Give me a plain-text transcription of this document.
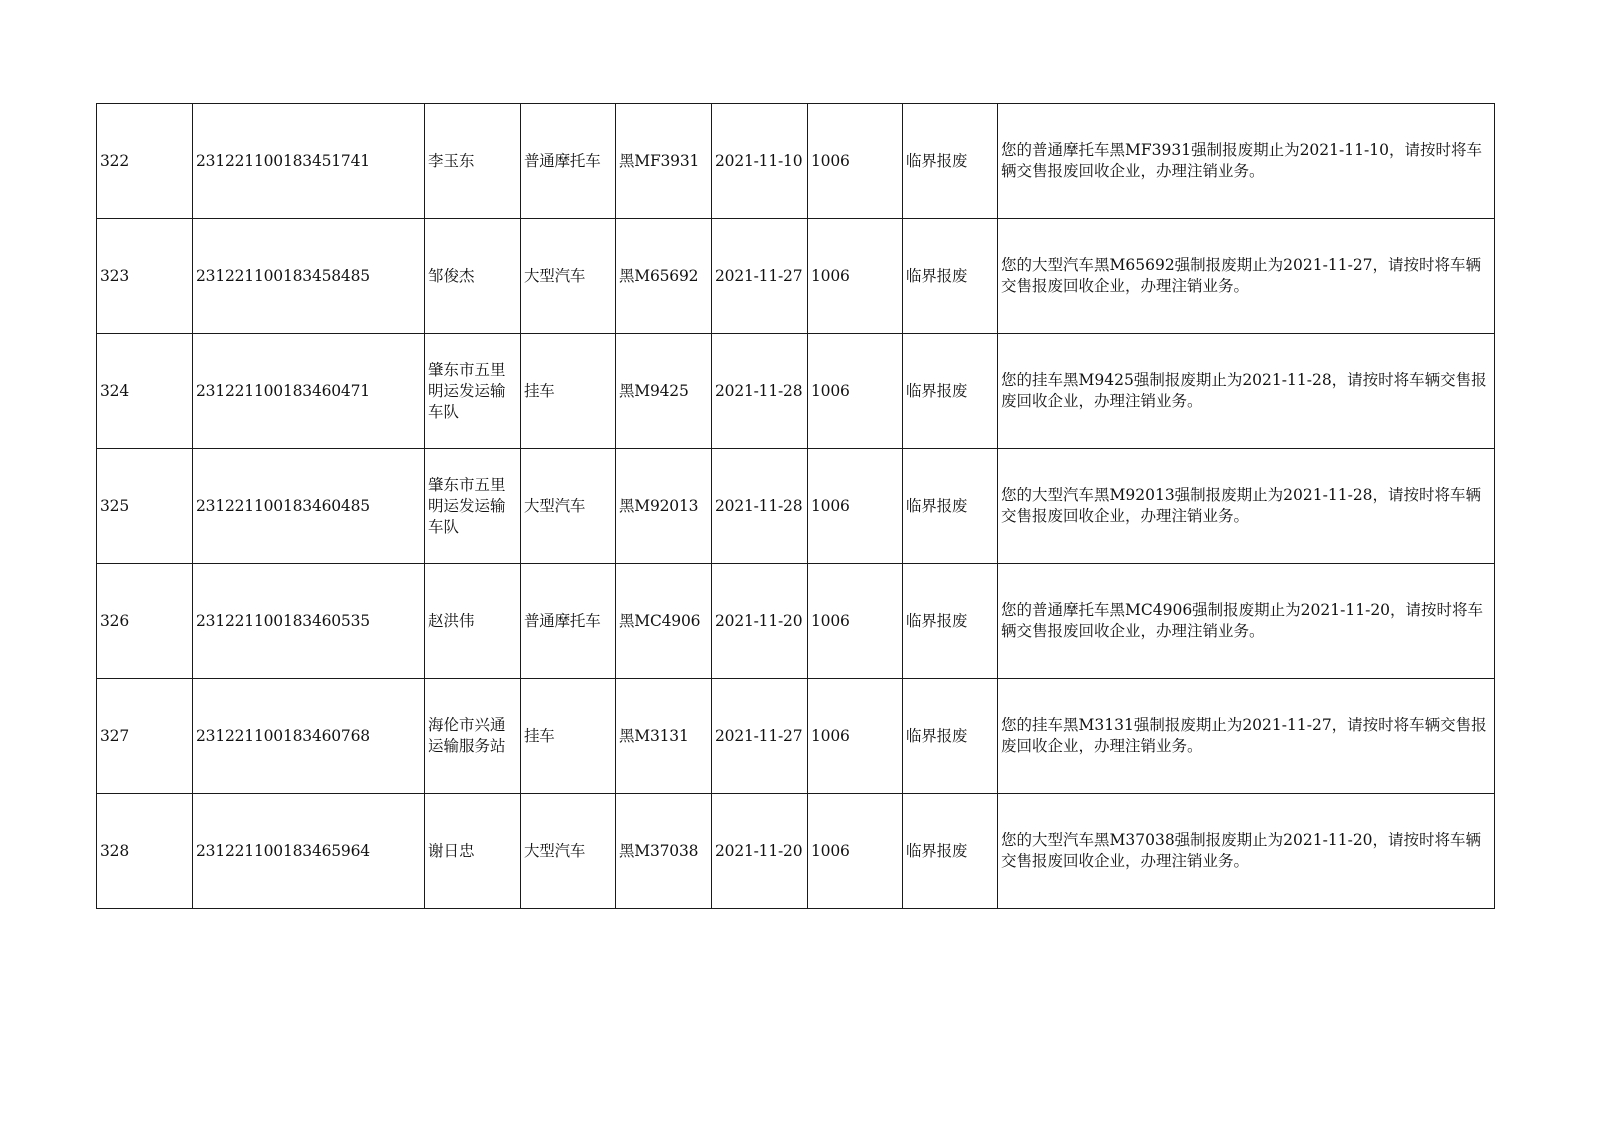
322	231221100183451741	李玉东	普通摩托车	黑MF3931	2021-11-10	1006	临界报废	您的普通摩托车黑MF3931强制报废期止为2021-11-10，请按时将车辆交售报废回收企业，办理注销业务。
323	231221100183458485	邹俊杰	大型汽车	黑M65692	2021-11-27	1006	临界报废	您的大型汽车黑M65692强制报废期止为2021-11-27，请按时将车辆交售报废回收企业，办理注销业务。
324	231221100183460471	肇东市五里明运发运输车队	挂车	黑M9425	2021-11-28	1006	临界报废	您的挂车黑M9425强制报废期止为2021-11-28，请按时将车辆交售报废回收企业，办理注销业务。
325	231221100183460485	肇东市五里明运发运输车队	大型汽车	黑M92013	2021-11-28	1006	临界报废	您的大型汽车黑M92013强制报废期止为2021-11-28，请按时将车辆交售报废回收企业，办理注销业务。
326	231221100183460535	赵洪伟	普通摩托车	黑MC4906	2021-11-20	1006	临界报废	您的普通摩托车黑MC4906强制报废期止为2021-11-20，请按时将车辆交售报废回收企业，办理注销业务。
327	231221100183460768	海伦市兴通运输服务站	挂车	黑M3131	2021-11-27	1006	临界报废	您的挂车黑M3131强制报废期止为2021-11-27，请按时将车辆交售报废回收企业，办理注销业务。
328	231221100183465964	谢日忠	大型汽车	黑M37038	2021-11-20	1006	临界报废	您的大型汽车黑M37038强制报废期止为2021-11-20，请按时将车辆交售报废回收企业，办理注销业务。
